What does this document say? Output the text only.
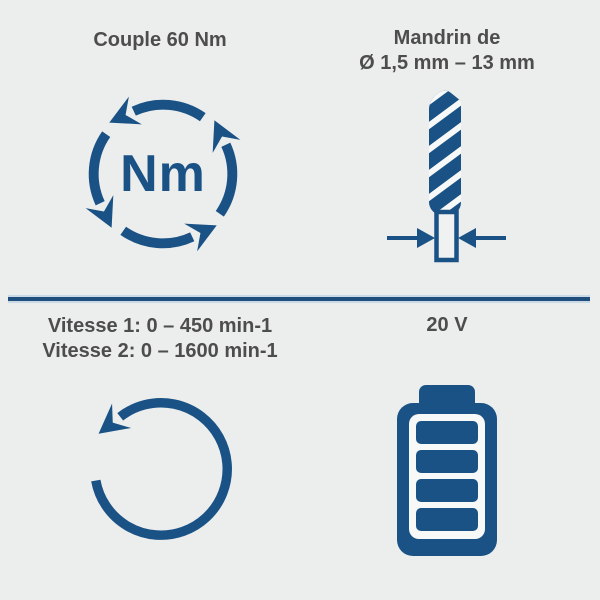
Couple 60 Nm
Nm
Mandrin de
Ø 1,5 mm – 13 mm
Vitesse 1: 0 – 450 min-1
Vitesse 2: 0 – 1600 min-1
20 V
